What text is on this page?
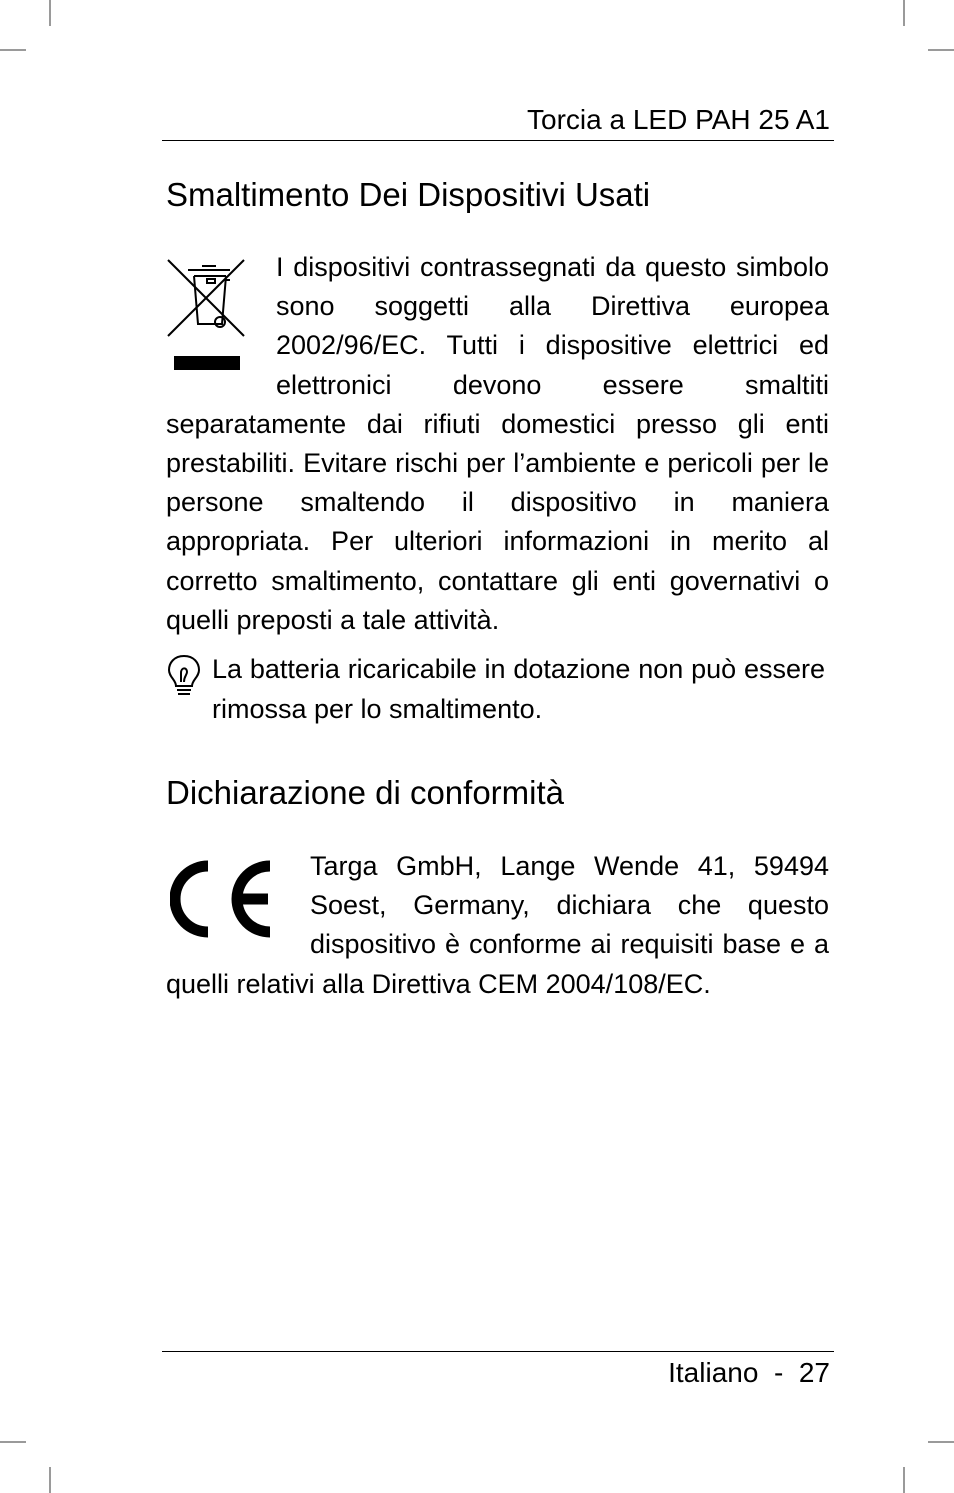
Torcia a LED PAH 25 A1
Smaltimento Dei Dispositivi Usati

I dispositivi contrassegnati da questo simbolo sono soggetti alla Direttiva europea 2002/96/EC. Tutti i dispositive elettrici ed elettronici devono essere smaltiti separatamente dai rifiuti domestici presso gli enti prestabiliti. Evitare rischi per l’ambiente e pericoli per le persone smaltendo il dispositivo in maniera appropriata. Per ulteriori informazioni in merito al corretto smaltimento, contattare gli enti governativi o quelli preposti a tale attività.

La batteria ricaricabile in dotazione non può essere rimossa per lo smaltimento.

Dichiarazione di conformità

Targa GmbH, Lange Wende 41, 59494 Soest, Germany, dichiara che questo dispositivo è conforme ai requisiti base e a quelli relativi alla Direttiva CEM 2004/108/EC.

Italiano  -  27
